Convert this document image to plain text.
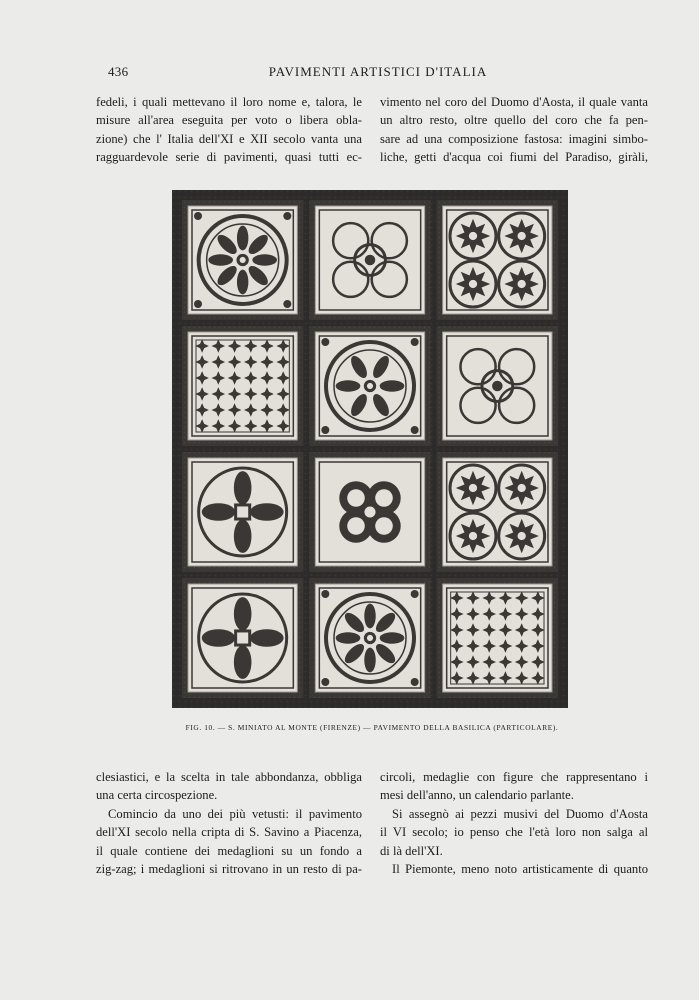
436	PAVIMENTI ARTISTICI D'ITALIA
fedeli, i quali mettevano il loro nome e, talora, le
misure all'area eseguita per voto o libera obla-
zione) che l' Italia dell'XI e XII secolo vanta una
ragguardevole serie di pavimenti, quasi tutti ec-
vimento nel coro del Duomo d'Aosta, il quale vanta
un altro resto, oltre quello del coro che fa pen-
sare ad una composizione fastosa: imagini simbo-
liche, getti d'acqua coi fiumi del Paradiso, giràli,
FIG. 10. — S. MINIATO AL MONTE (FIRENZE) — PAVIMENTO DELLA BASILICA (PARTICOLARE).
clesiastici, e la scelta in tale abbondanza, obbliga
una certa circospezione.
Comincio da uno dei più vetusti: il pavimento
dell'XI secolo nella cripta di S. Savino a Piacenza,
il quale contiene dei medaglioni su un fondo a
zig-zag; i medaglioni si ritrovano in un resto di pa-
circoli, medaglie con figure che rappresentano i
mesi dell'anno, un calendario parlante.
Si assegnò ai pezzi musivi del Duomo d'Aosta
il VI secolo; io penso che l'età loro non salga al
di là dell'XI.
Il Piemonte, meno noto artisticamente di quanto
